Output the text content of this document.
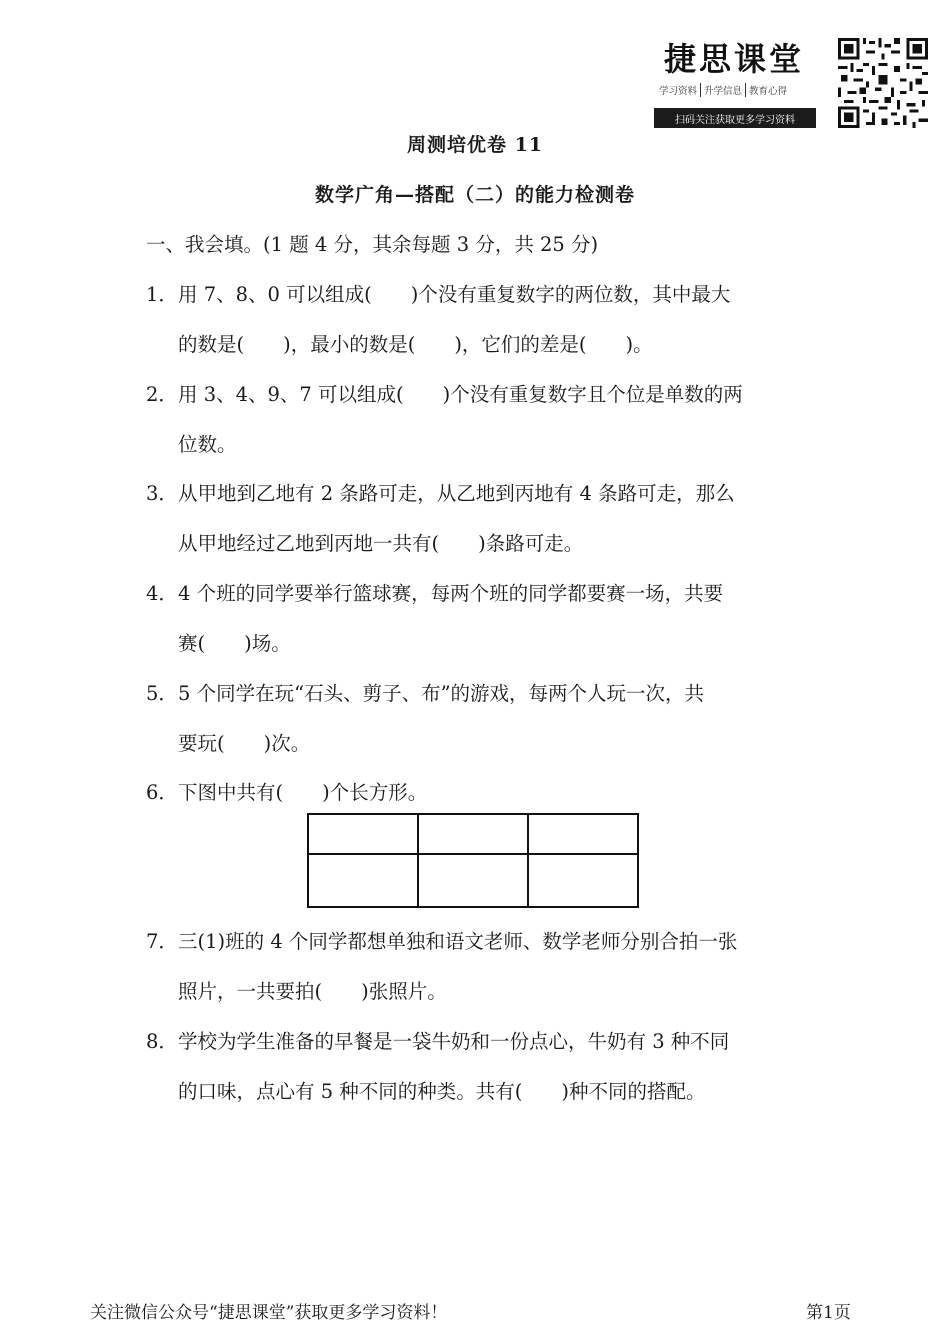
捷思课堂
学习资料 升学信息 教育心得
扫码关注获取更多学习资料
周测培优卷 11
数学广角—搭配（二）的能力检测卷
一、我会填。(1 题 4 分，其余每题 3 分，共 25 分)
1． 用 7、8、0 可以组成(　　)个没有重复数字的两位数，其中最大
的数是(　　)，最小的数是(　　)，它们的差是(　　)。
2． 用 3、4、9、7 可以组成(　　)个没有重复数字且个位是单数的两
位数。
3． 从甲地到乙地有 2 条路可走，从乙地到丙地有 4 条路可走，那么
从甲地经过乙地到丙地一共有(　　)条路可走。
4． 4 个班的同学要举行篮球赛，每两个班的同学都要赛一场，共要
赛(　　)场。
5． 5 个同学在玩“石头、剪子、布”的游戏，每两个人玩一次，共
要玩(　　)次。
6． 下图中共有(　　)个长方形。
7． 三(1)班的 4 个同学都想单独和语文老师、数学老师分别合拍一张
照片，一共要拍(　　)张照片。
8． 学校为学生准备的早餐是一袋牛奶和一份点心，牛奶有 3 种不同
的口味，点心有 5 种不同的种类。共有(　　)种不同的搭配。
关注微信公众号“捷思课堂”获取更多学习资料！	第1页
